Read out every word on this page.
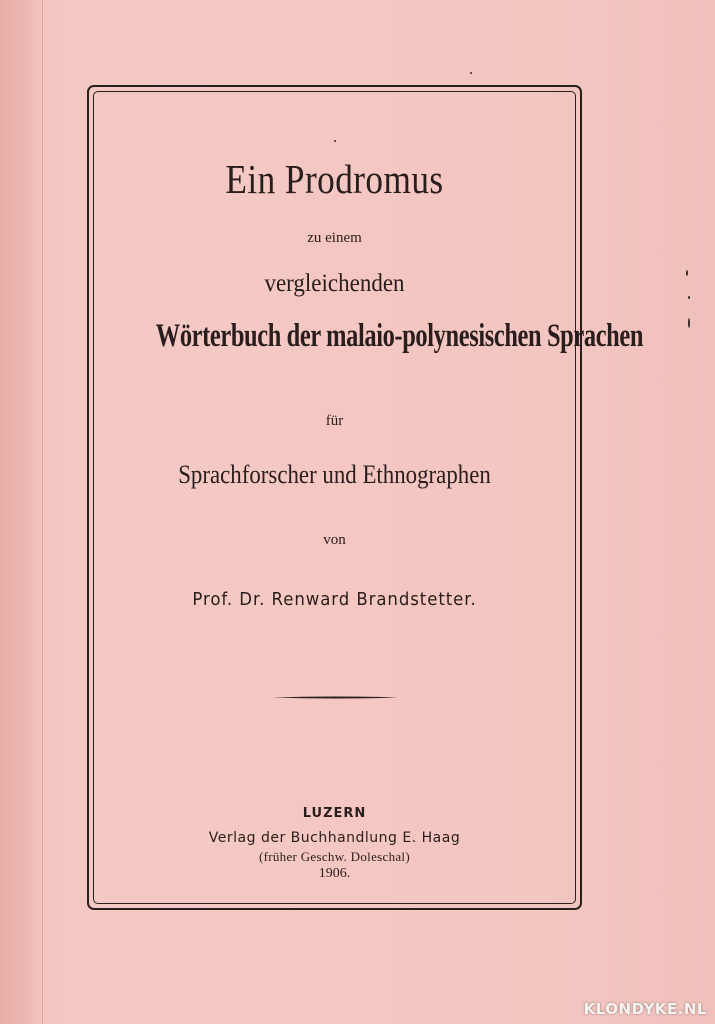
Ein Prodromus
zu einem
vergleichenden
Wörterbuch der malaio-polynesischen Sprachen
für
Sprachforscher und Ethnographen
von
Prof. Dr. Renward Brandstetter.
LUZERN
Verlag der Buchhandlung E. Haag
(früher Geschw. Doleschal)
1906.
KLONDYKE.NL
